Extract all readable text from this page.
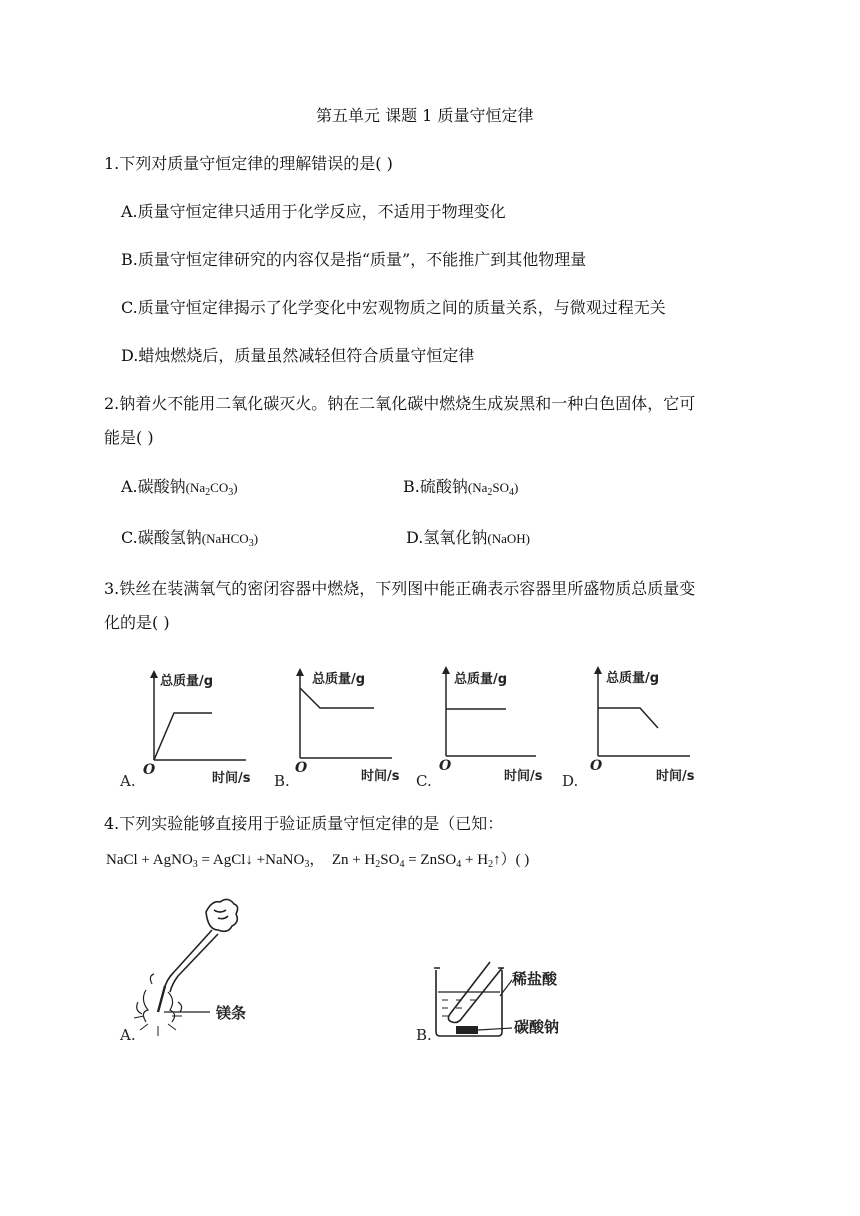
第五单元 课题 1 质量守恒定律
1.下列对质量守恒定律的理解错误的是( )
A.质量守恒定律只适用于化学反应，不适用于物理变化
B.质量守恒定律研究的内容仅是指“质量”，不能推广到其他物理量
C.质量守恒定律揭示了化学变化中宏观物质之间的质量关系，与微观过程无关
D.蜡烛燃烧后，质量虽然减轻但符合质量守恒定律
2.钠着火不能用二氧化碳灭火。钠在二氧化碳中燃烧生成炭黑和一种白色固体，它可
能是( )
A.碳酸钠$(Na_2CO_3)$	B.硫酸钠$(Na_2SO_4)$
C.碳酸氢钠(NaHCO$_3$)	D.氢氧化钠(NaOH)
3.铁丝在装满氧气的密闭容器中燃烧，下列图中能正确表示容器里所盛物质总质量变
化的是( )
总质量/g
O
时间/s
A.
总质量/g
O
时间/s
B.
总质量/g
O
时间/s
C.
总质量/g
O
时间/s
D.
4.下列实验能够直接用于验证质量守恒定律的是（已知：
NaCl + AgNO$_3$ = AgCl↓ +NaNO$_3$，  $Zn + H_2SO_4$ = ZnSO$_4$ + $H_2↑$）( )
镁条
A.
稀盐酸
碳酸钠
B.
